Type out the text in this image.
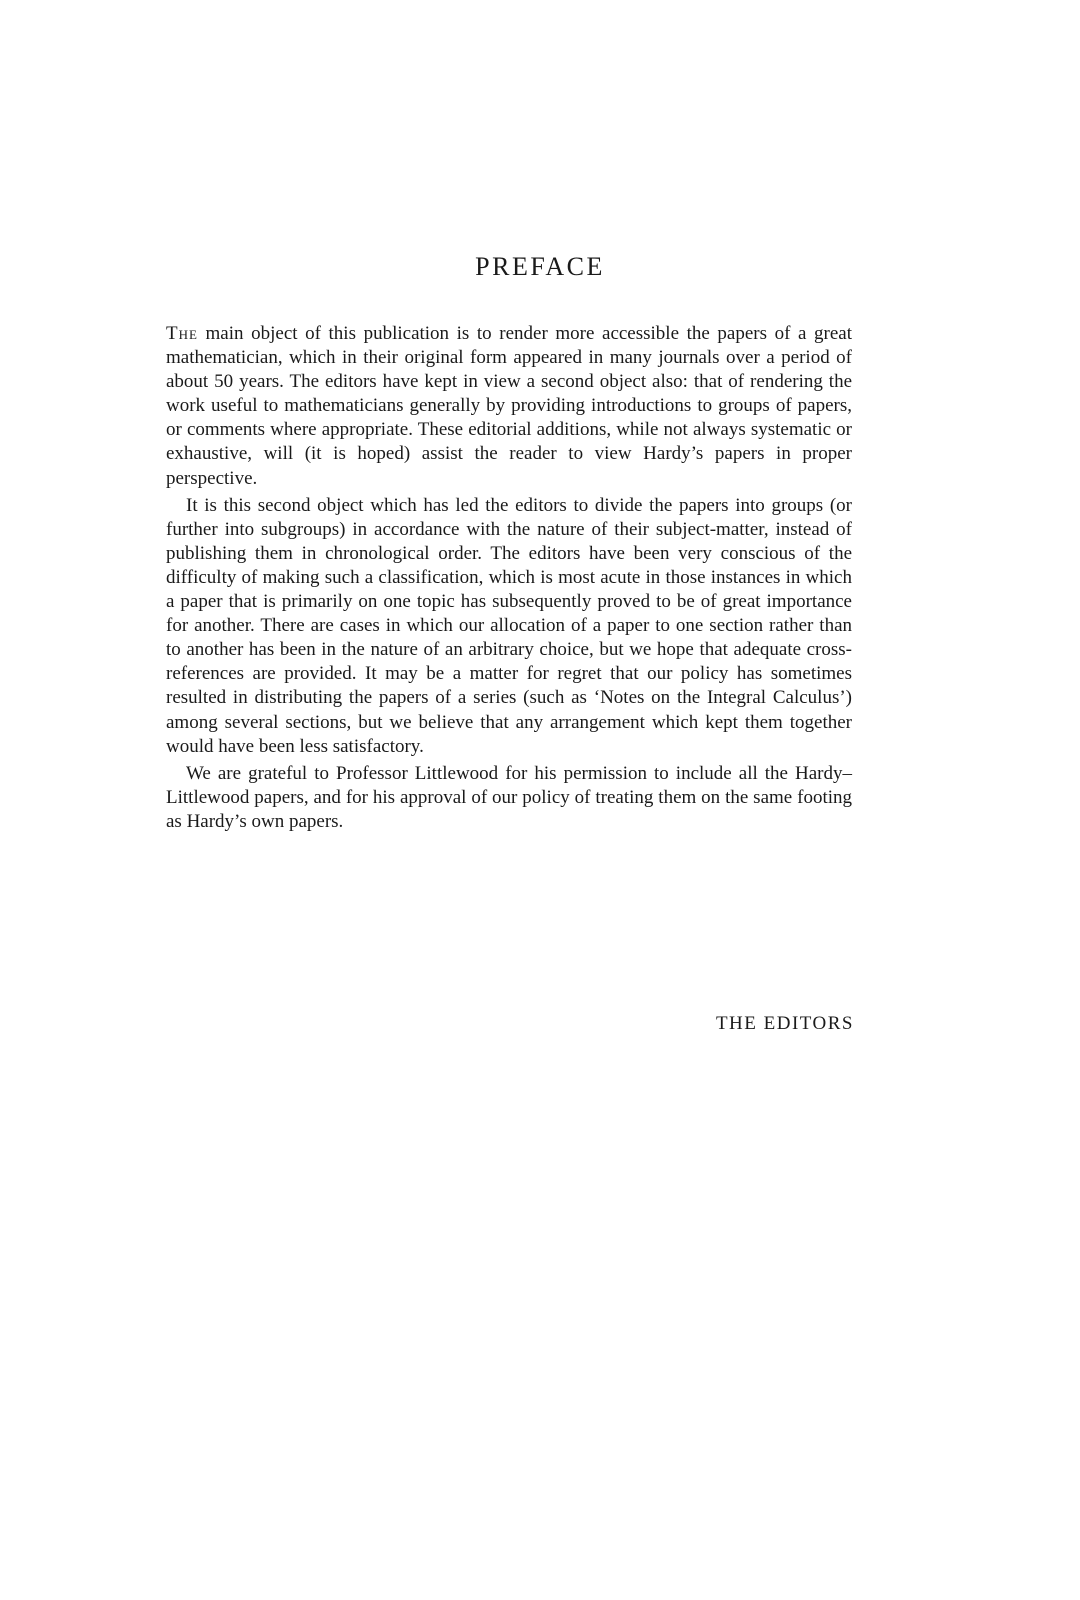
PREFACE

The main object of this publication is to render more accessible the papers of a great mathematician, which in their original form appeared in many journals over a period of about 50 years. The editors have kept in view a second object also: that of rendering the work useful to mathematicians generally by providing introductions to groups of papers, or comments where appropriate. These editorial additions, while not always systematic or exhaustive, will (it is hoped) assist the reader to view Hardy’s papers in proper perspective.

It is this second object which has led the editors to divide the papers into groups (or further into subgroups) in accordance with the nature of their subject-matter, instead of publishing them in chronological order. The editors have been very conscious of the difficulty of making such a classification, which is most acute in those instances in which a paper that is primarily on one topic has subsequently proved to be of great importance for another. There are cases in which our allocation of a paper to one section rather than to another has been in the nature of an arbitrary choice, but we hope that adequate cross-references are provided. It may be a matter for regret that our policy has sometimes resulted in distributing the papers of a series (such as ‘Notes on the Integral Calculus’) among several sections, but we believe that any arrangement which kept them together would have been less satisfactory.

We are grateful to Professor Littlewood for his permission to include all the Hardy–Littlewood papers, and for his approval of our policy of treating them on the same footing as Hardy’s own papers.

THE EDITORS
